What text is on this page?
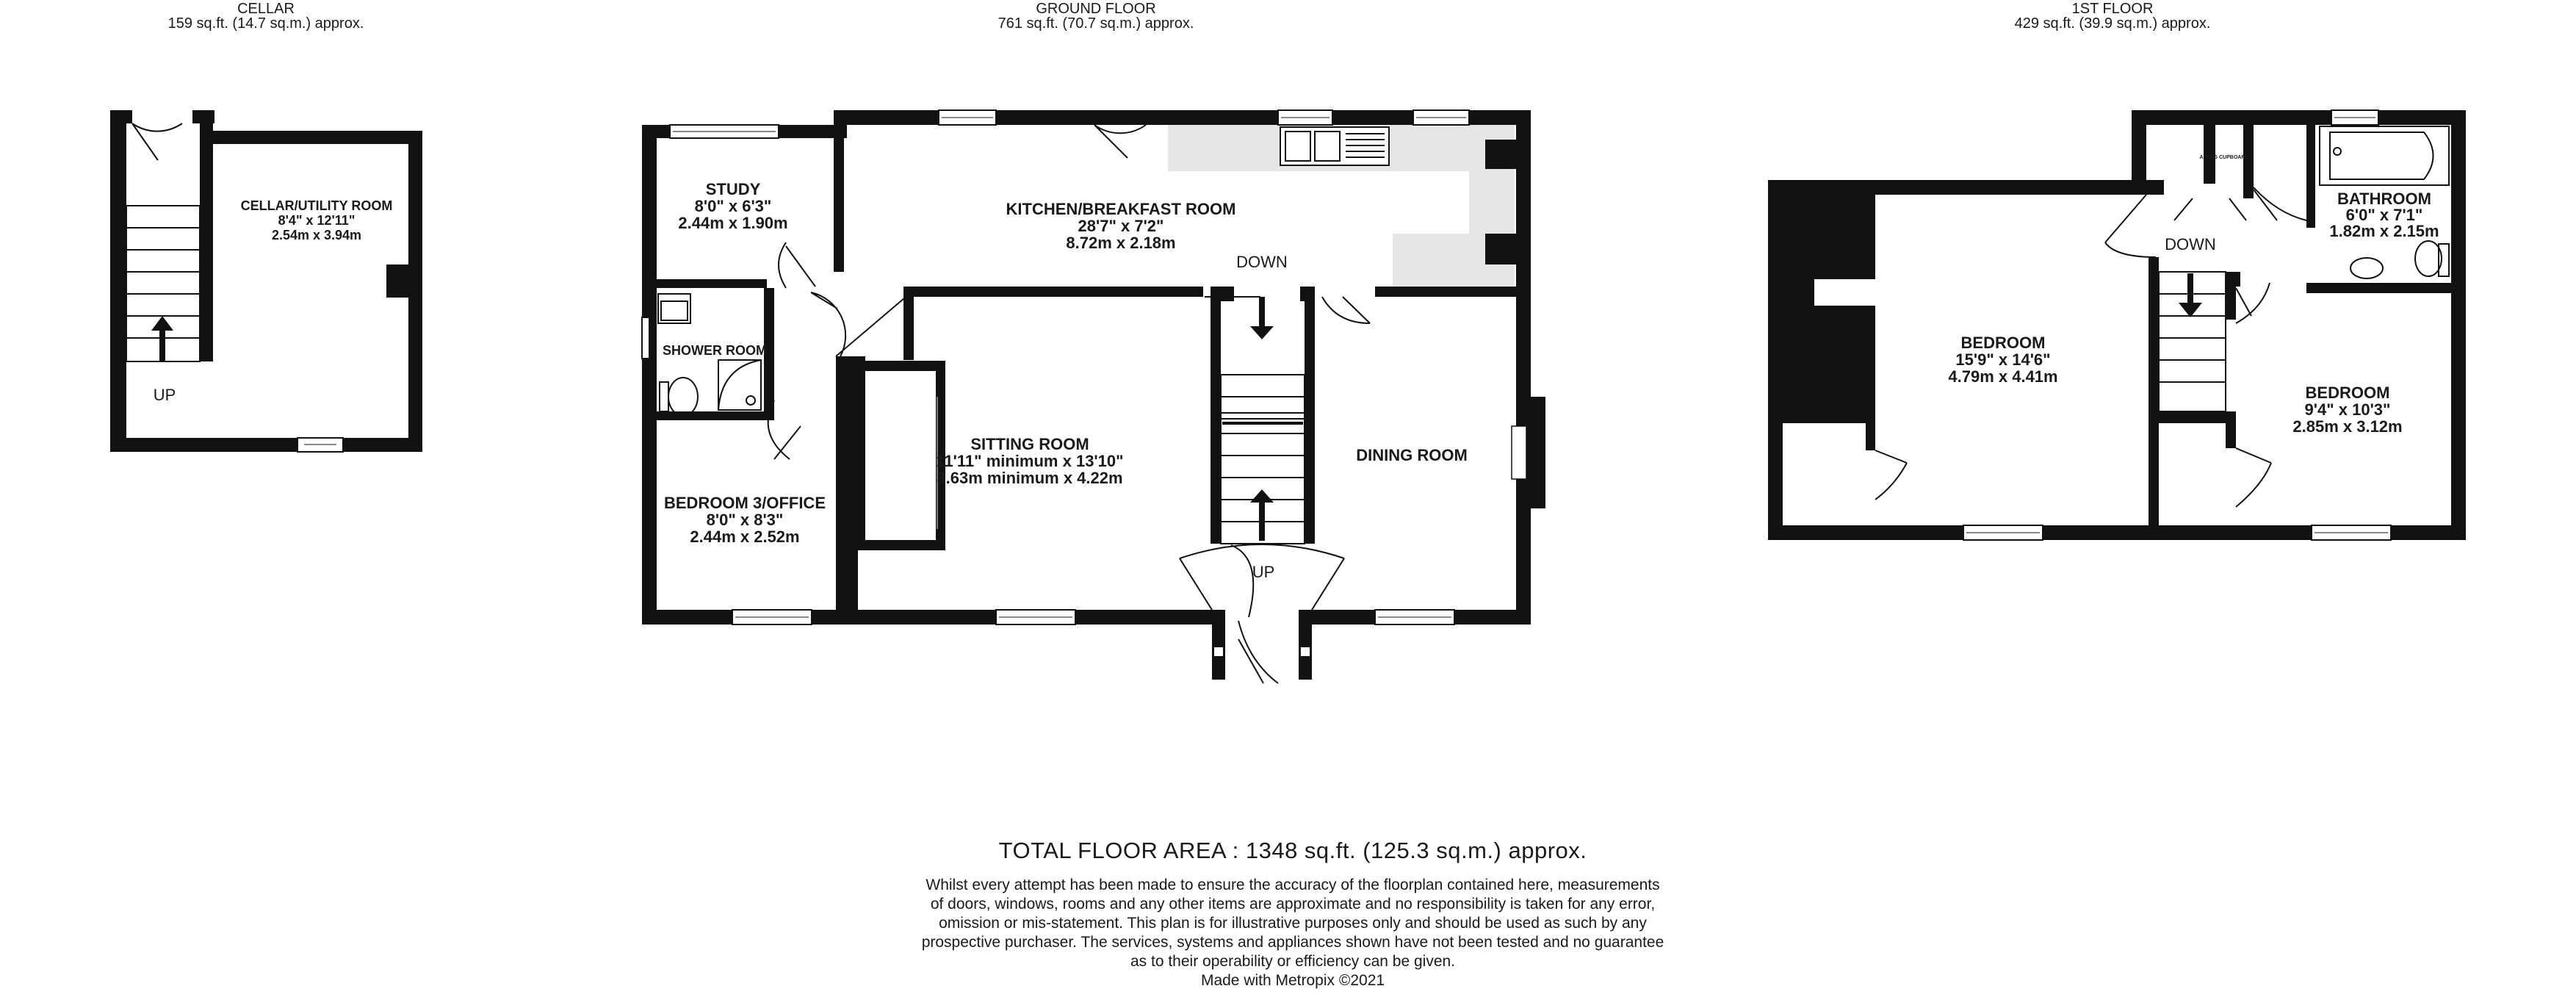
CELLAR
159 sq.ft. (14.7 sq.m.) approx.
GROUND FLOOR
761 sq.ft. (70.7 sq.m.) approx.
1ST FLOOR
429 sq.ft. (39.9 sq.m.) approx.
UP
CELLAR/UTILITY ROOM
8'4" x 12'11"
2.54m x 3.94m
DOWN
UP
STUDY
8'0" x 6'3"
2.44m x 1.90m
KITCHEN/BREAKFAST ROOM
28'7" x 7'2"
8.72m x 2.18m
SHOWER ROOM
SITTING ROOM
11'11" minimum x 13'10"
3.63m minimum x 4.22m
DINING ROOM
BEDROOM 3/OFFICE
8'0" x 8'3"
2.44m x 2.52m
AIRING CUPBOARD
DOWN
BEDROOM
15'9" x 14'6"
4.79m x 4.41m
BATHROOM
6'0" x 7'1"
1.82m x 2.15m
BEDROOM
9'4" x 10'3"
2.85m x 3.12m
TOTAL FLOOR AREA : 1348 sq.ft. (125.3 sq.m.) approx.
Whilst every attempt has been made to ensure the accuracy of the floorplan contained here, measurements
of doors, windows, rooms and any other items are approximate and no responsibility is taken for any error,
omission or mis-statement. This plan is for illustrative purposes only and should be used as such by any
prospective purchaser. The services, systems and appliances shown have not been tested and no guarantee
as to their operability or efficiency can be given.
Made with Metropix ©2021
